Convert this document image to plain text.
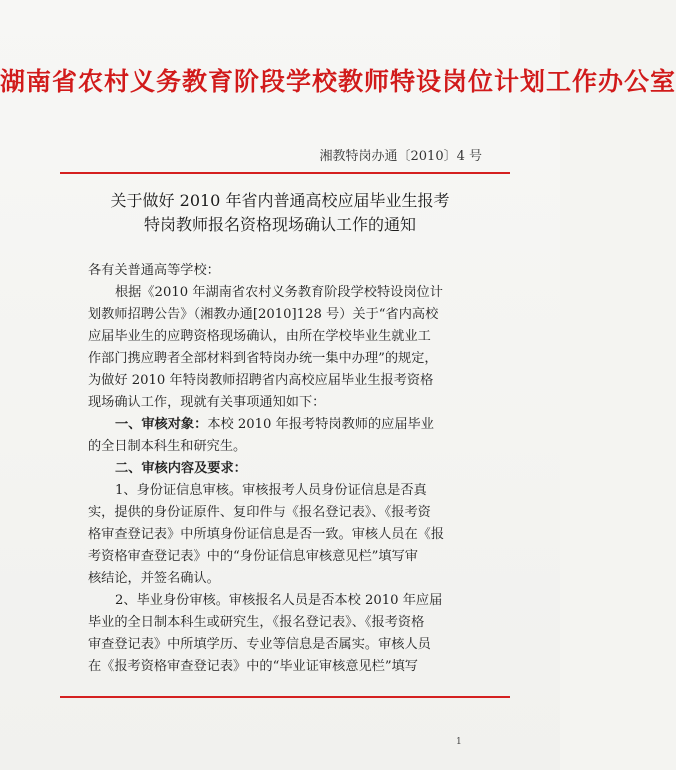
湖南省农村义务教育阶段学校教师特设岗位计划工作办公室
湘教特岗办通〔2010〕4 号
关于做好 2010 年省内普通高校应届毕业生报考
特岗教师报名资格现场确认工作的通知

各有关普通高等学校：

根据《2010 年湖南省农村义务教育阶段学校特设岗位计

划教师招聘公告》（湘教办通[2010]128 号）关于“省内高校

应届毕业生的应聘资格现场确认，由所在学校毕业生就业工

作部门携应聘者全部材料到省特岗办统一集中办理”的规定，

为做好 2010 年特岗教师招聘省内高校应届毕业生报考资格

现场确认工作，现就有关事项通知如下：

一、审核对象：本校 2010 年报考特岗教师的应届毕业

的全日制本科生和研究生。

二、审核内容及要求：

1、身份证信息审核。审核报考人员身份证信息是否真

实，提供的身份证原件、复印件与《报名登记表》、《报考资

格审查登记表》中所填身份证信息是否一致。审核人员在《报

考资格审查登记表》中的“身份证信息审核意见栏”填写审

核结论，并签名确认。

2、毕业身份审核。审核报名人员是否本校 2010 年应届

毕业的全日制本科生或研究生，《报名登记表》、《报考资格

审查登记表》中所填学历、专业等信息是否属实。审核人员

在《报考资格审查登记表》中的“毕业证审核意见栏”填写

1
